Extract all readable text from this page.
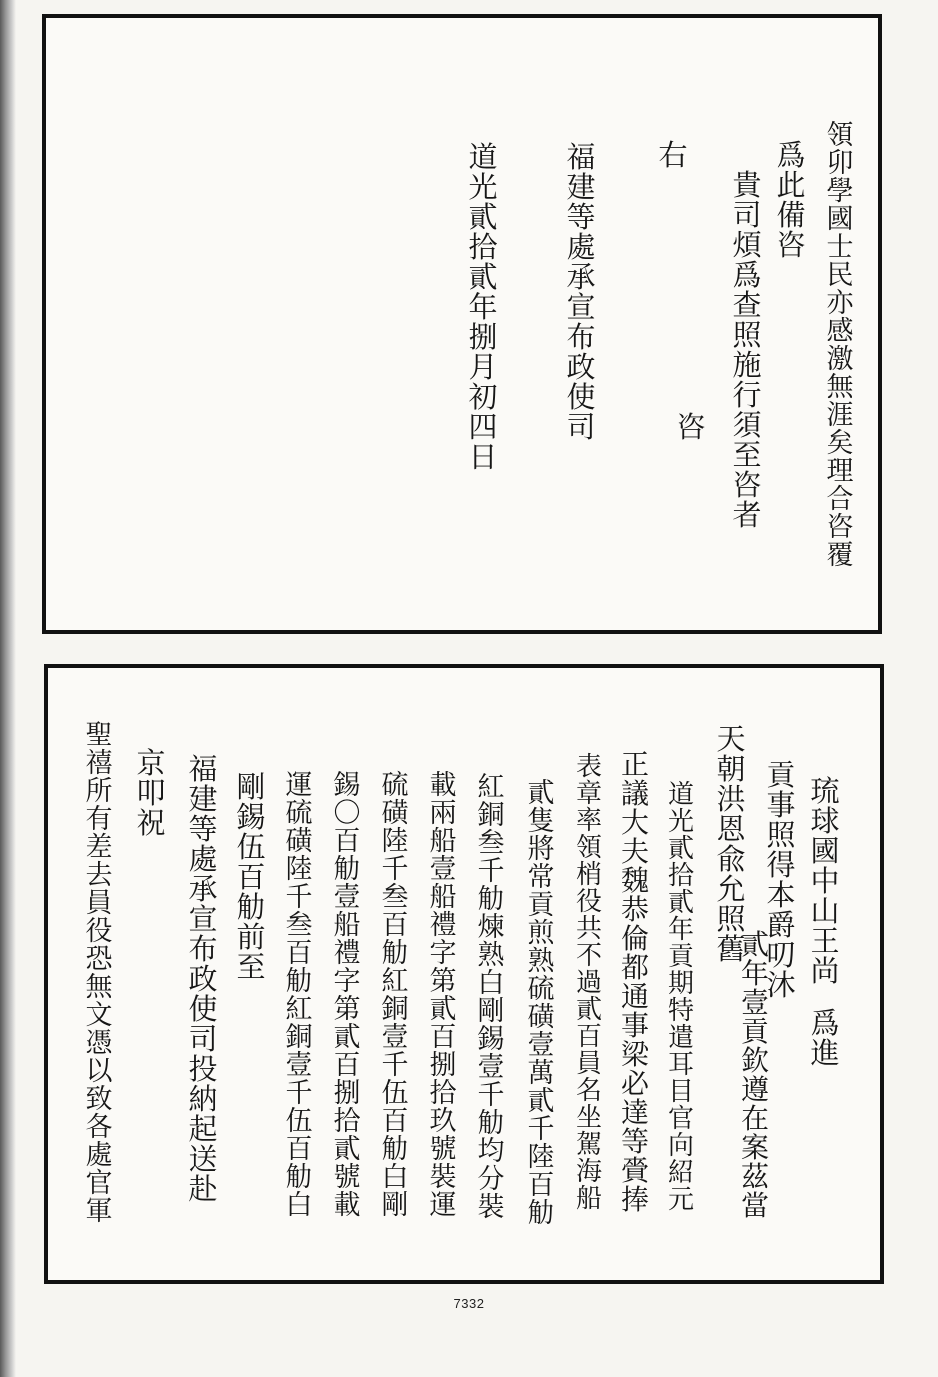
領
卯
學
國
士
民
亦
感
激
無
涯
矣
理
合
咨
覆
爲
此
備
咨
貴
司
煩
爲
查
照
施
行
須
至
咨
者
咨
右
福
建
等
處
承
宣
布
政
使
司
道
光
貳
拾
貳
年
捌
月
初
四
日
琉
球
國
中
山
王
尚
爲
進
貢
事
照
得
本
爵
叨
沐
天
朝
洪
恩
兪
允
照
舊
貳
年
壹
貢
欽
遵
在
案
茲
當
道
光
貳
拾
貳
年
貢
期
特
遣
耳
目
官
向
紹
元
正
議
大
夫
魏
恭
倫
都
通
事
梁
必
達
等
賫
捧
表
章
率
領
梢
役
共
不
過
貳
百
員
名
坐
駕
海
船
貳
隻
將
常
貢
煎
熟
硫
磺
壹
萬
貳
千
陸
百
觔
紅
銅
叁
千
觔
煉
熟
白
剛
錫
壹
千
觔
均
分
裝
載
兩
船
壹
船
禮
字
第
貳
百
捌
拾
玖
號
裝
運
硫
磺
陸
千
叁
百
觔
紅
銅
壹
千
伍
百
觔
白
剛
錫
〇
百
觔
壹
船
禮
字
第
貳
百
捌
拾
貳
號
載
運
硫
磺
陸
千
叁
百
觔
紅
銅
壹
千
伍
百
觔
白
剛
錫
伍
百
觔
前
至
福
建
等
處
承
宣
布
政
使
司
投
納
起
送
赴
京
叩
祝
聖
禧
所
有
差
去
員
役
恐
無
文
憑
以
致
各
處
官
軍
7332
